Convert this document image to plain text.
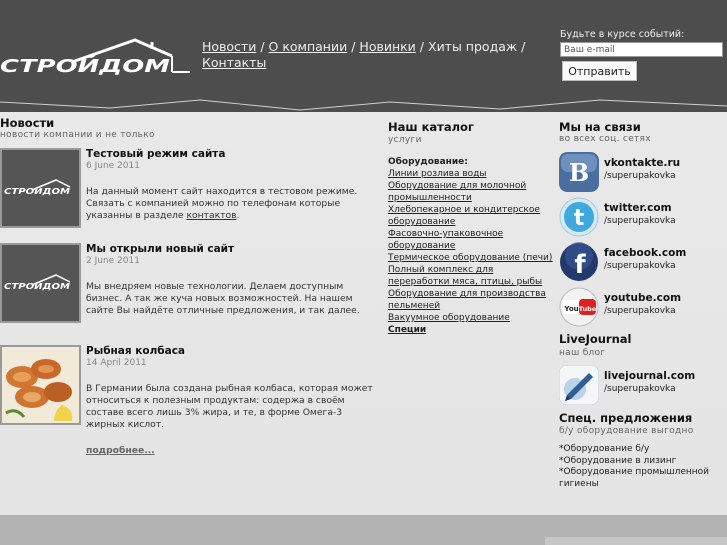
СТРОЙДОМ
Новости / О компании / Новинки / Хиты продаж / Контакты
Будьте в курсе событий:
Ваш e-mail
Отправить
Новости
новости компании и не только
СТРОЙДОМ
Тестовый режим сайта
6 June 2011
На данный момент сайт находится в тестовом режиме. Связать с компанией можно по телефонам которые указанны в разделе контактов.
СТРОЙДОМ
Мы открыли новый сайт
2 June 2011
Мы внедряем новые технологии. Делаем доступным бизнес. А так же куча новых возможностей. На нашем сайте Вы найдёте отличные предложения, и так далее.
Рыбная колбаса
14 April 2011
В Германии была создана рыбная колбаса, которая может относиться к полезным продуктам: содержа в своём составе всего лишь 3% жира, и те, в форме Омега-3 жирных кислот.
подробнее...
Наш каталог
услуги
Оборудование:
Линии розлива воды
Оборудование для молочной промышленности
Хлебопекарное и кондитерское оборудование
Фасовочно-упаковочное оборудование
Термическое оборудование (печи)
Полный комплекс для переработки мяса, птицы, рыбы
Оборудование для производства пельменей
Вакуумное оборудование
Специи
Мы на связи
во всех соц. сетях
B vkontakte.ru
/superupakovka
t twitter.com
/superupakovka
f facebook.com
/superupakovka
You Tube
youtube.com
/superupakovka
LiveJournal
наш блог
livejournal.com
/superupakovka
Спец. предложения
б/у оборудование выгодно
*Оборудование б/у
*Оборудование в лизинг
*Оборудование промышленной гигиены
